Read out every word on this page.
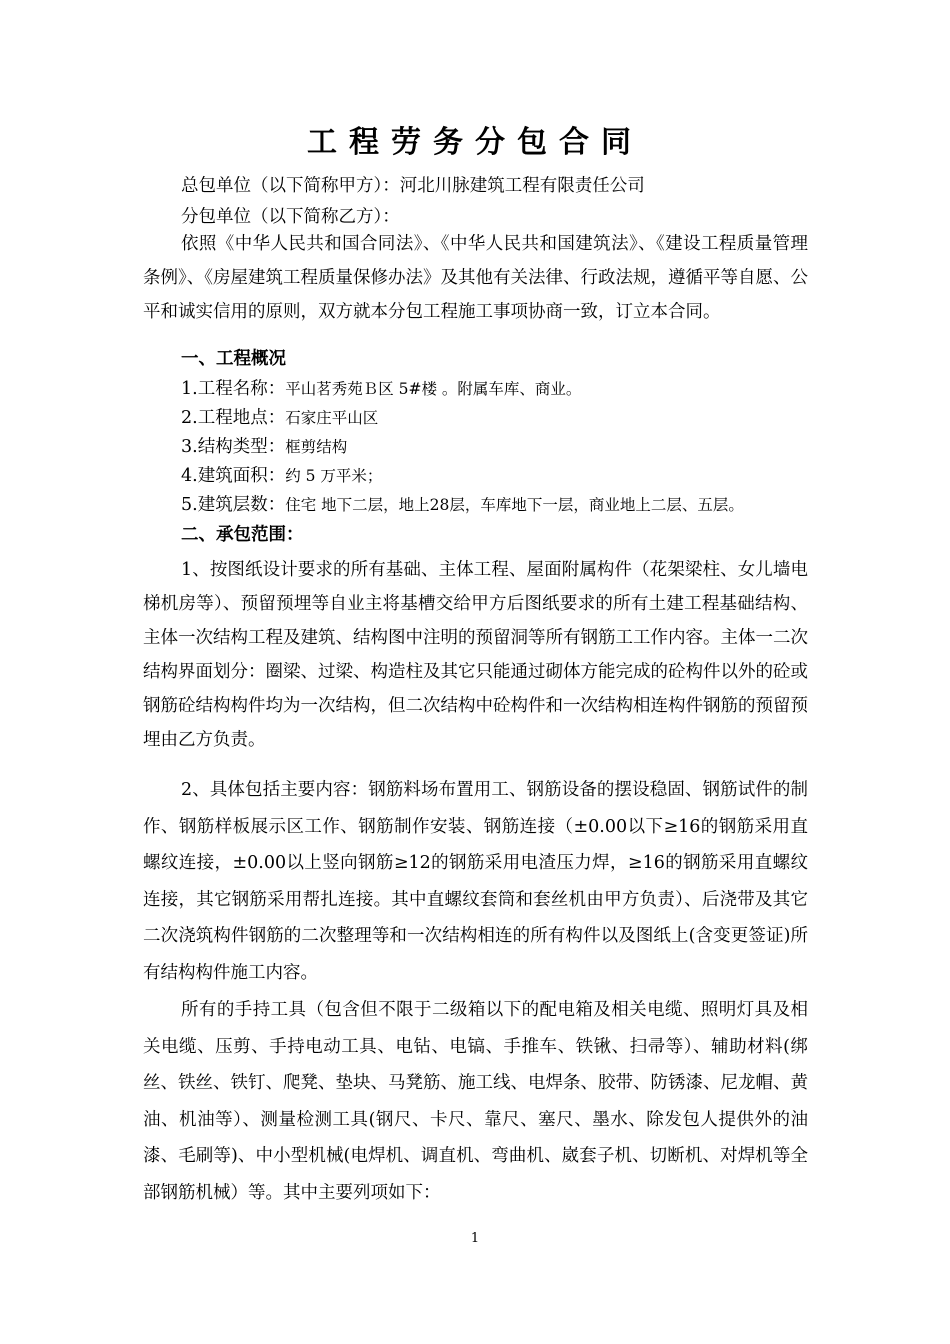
工程劳务分包合同
总包单位（以下简称甲方）：河北川脉建筑工程有限责任公司
分包单位（以下简称乙方）：
依照《中华人民共和国合同法》、《中华人民共和国建筑法》、《建设工程质量管理条例》、《房屋建筑工程质量保修办法》及其他有关法律、行政法规，遵循平等自愿、公平和诚实信用的原则，双方就本分包工程施工事项协商一致，订立本合同。
一、工程概况
1.工程名称：平山茗秀苑Ｂ区 5#楼 。附属车库、商业。
2.工程地点：石家庄平山区
3.结构类型：框剪结构
4.建筑面积：约 5 万平米；
5.建筑层数：住宅 地下二层，地上28层，车库地下一层，商业地上二层、五层。
二、承包范围：
1、按图纸设计要求的所有基础、主体工程、屋面附属构件（花架梁柱、女儿墙电梯机房等）、预留预埋等自业主将基槽交给甲方后图纸要求的所有土建工程基础结构、主体一次结构工程及建筑、结构图中注明的预留洞等所有钢筋工工作内容。主体一二次结构界面划分：圈梁、过梁、构造柱及其它只能通过砌体方能完成的砼构件以外的砼或钢筋砼结构构件均为一次结构，但二次结构中砼构件和一次结构相连构件钢筋的预留预埋由乙方负责。
2、具体包括主要内容：钢筋料场布置用工、钢筋设备的摆设稳固、钢筋试件的制作、钢筋样板展示区工作、钢筋制作安装、钢筋连接（±0.00以下≥16的钢筋采用直螺纹连接，±0.00以上竖向钢筋≥12的钢筋采用电渣压力焊，≥16的钢筋采用直螺纹连接，其它钢筋采用帮扎连接。其中直螺纹套筒和套丝机由甲方负责）、后浇带及其它二次浇筑构件钢筋的二次整理等和一次结构相连的所有构件以及图纸上(含变更签证)所有结构构件施工内容。
所有的手持工具（包含但不限于二级箱以下的配电箱及相关电缆、照明灯具及相关电缆、压剪、手持电动工具、电钻、电镐、手推车、铁锹、扫帚等）、辅助材料(绑丝、铁丝、铁钉、爬凳、垫块、马凳筋、施工线、电焊条、胶带、防锈漆、尼龙帽、黄油、机油等）、测量检测工具(钢尺、卡尺、靠尺、塞尺、墨水、除发包人提供外的油漆、毛刷等)、中小型机械(电焊机、调直机、弯曲机、崴套子机、切断机、对焊机等全部钢筋机械）等。其中主要列项如下：
1
